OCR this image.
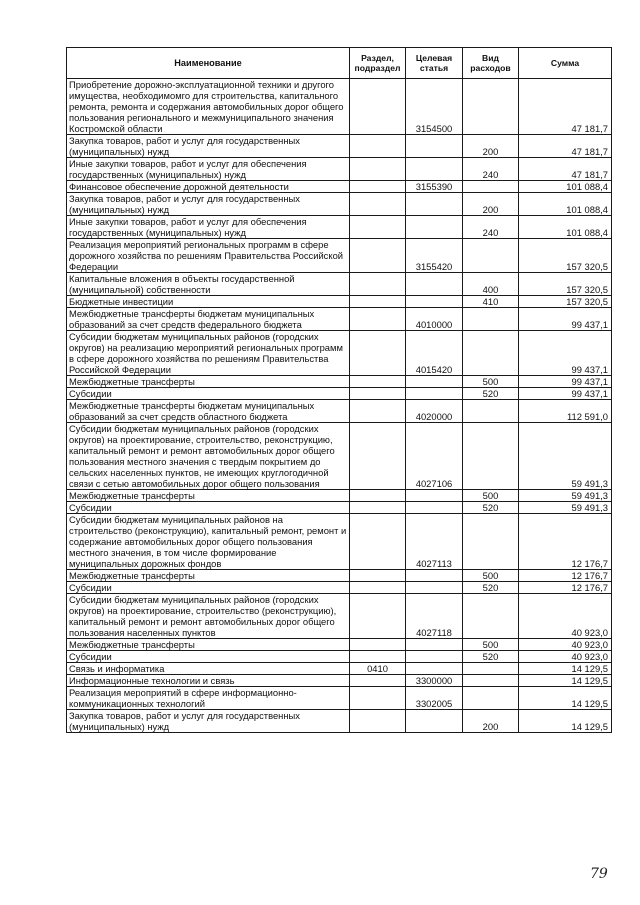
Наименование	Раздел, подраздел	Целевая статья	Вид расходов	Сумма
Приобретение дорожно-эксплуатационной техники и другого имущества, необходимомго для строительства, капитального ремонта, ремонта и содержания автомобильных дорог общего пользования регионального и межмуниципального значения Костромской области		3154500		47 181,7
Закупка товаров, работ и услуг для государственных (муниципальных) нужд			200	47 181,7
Иные закупки товаров, работ и услуг для обеспечения государственных (муниципальных) нужд			240	47 181,7
Финансовое обеспечение дорожной деятельности		3155390		101 088,4
Закупка товаров, работ и услуг для государственных (муниципальных) нужд			200	101 088,4
Иные закупки товаров, работ и услуг для обеспечения государственных (муниципальных) нужд			240	101 088,4
Реализация мероприятий региональных программ в сфере дорожного хозяйства по решениям Правительства Российской Федерации		3155420		157 320,5
Капитальные вложения в объекты государственной (муниципальной) собственности			400	157 320,5
Бюджетные инвестиции			410	157 320,5
Межбюджетные трансферты бюджетам муниципальных образований за счет средств федерального бюджета		4010000		99 437,1
Субсидии бюджетам муниципальных районов (городских округов) на реализацию мероприятий региональных программ в сфере дорожного хозяйства по решениям Правительства Российской Федерации		4015420		99 437,1
Межбюджетные трансферты			500	99 437,1
Субсидии			520	99 437,1
Межбюджетные трансферты бюджетам муниципальных образований за счет средств областного бюджета		4020000		112 591,0
Субсидии бюджетам муниципальных районов (городских округов) на проектирование, строительство, реконструкцию, капитальный ремонт и ремонт автомобильных дорог общего пользования местного значения с твердым покрытием до сельских населенных пунктов, не имеющих круглогодичной связи с сетью автомобильных дорог общего пользования		4027106		59 491,3
Межбюджетные трансферты			500	59 491,3
Субсидии			520	59 491,3
Субсидии бюджетам муниципальных районов на строительство (реконструкцию), капитальный ремонт, ремонт и содержание автомобильных дорог общего пользования местного значения, в том числе формирование муниципальных дорожных фондов		4027113		12 176,7
Межбюджетные трансферты			500	12 176,7
Субсидии			520	12 176,7
Субсидии бюджетам муниципальных районов (городских округов) на проектирование, строительство (реконструкцию), капитальный ремонт и ремонт автомобильных дорог общего пользования населенных пунктов		4027118		40 923,0
Межбюджетные трансферты			500	40 923,0
Субсидии			520	40 923,0
Связь и информатика	0410			14 129,5
Информационные технологии и связь		3300000		14 129,5
Реализация мероприятий в сфере информационно-коммуникационных технологий		3302005		14 129,5
Закупка товаров, работ и услуг для государственных (муниципальных) нужд			200	14 129,5
79
